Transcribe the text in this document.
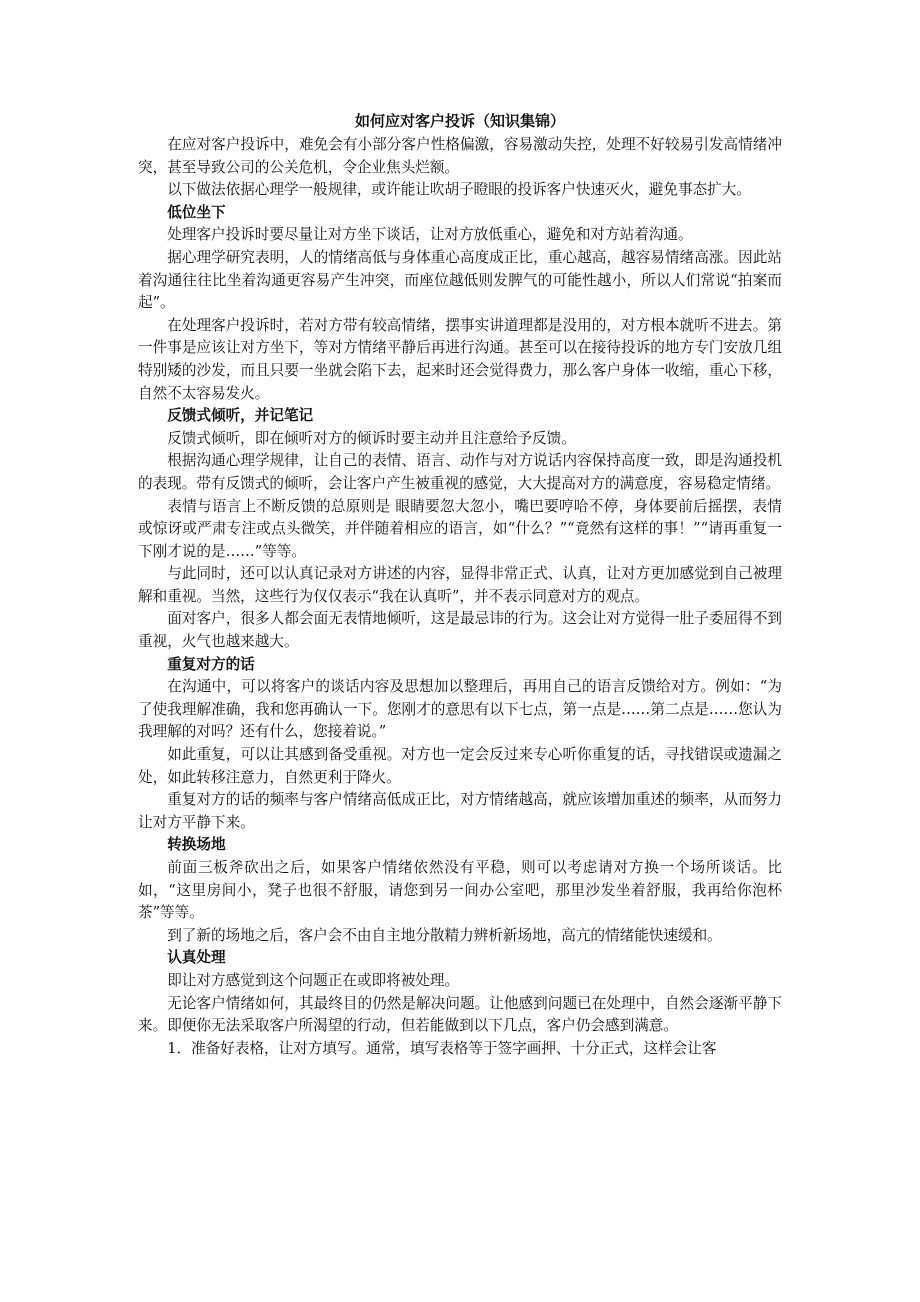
如何应对客户投诉（知识集锦）

在应对客户投诉中，难免会有小部分客户性格偏激，容易激动失控，处理不好较易引发高情绪冲突，甚至导致公司的公关危机，令企业焦头烂额。

以下做法依据心理学一般规律，或许能让吹胡子瞪眼的投诉客户快速灭火，避免事态扩大。

低位坐下

处理客户投诉时要尽量让对方坐下谈话，让对方放低重心，避免和对方站着沟通。

据心理学研究表明，人的情绪高低与身体重心高度成正比，重心越高，越容易情绪高涨。因此站着沟通往往比坐着沟通更容易产生冲突，而座位越低则发脾气的可能性越小，所以人们常说“拍案而起”。

在处理客户投诉时，若对方带有较高情绪，摆事实讲道理都是没用的，对方根本就听不进去。第一件事是应该让对方坐下，等对方情绪平静后再进行沟通。甚至可以在接待投诉的地方专门安放几组特别矮的沙发，而且只要一坐就会陷下去，起来时还会觉得费力，那么客户身体一收缩，重心下移，自然不太容易发火。

反馈式倾听，并记笔记

反馈式倾听，即在倾听对方的倾诉时要主动并且注意给予反馈。

根据沟通心理学规律，让自己的表情、语言、动作与对方说话内容保持高度一致，即是沟通投机的表现。带有反馈式的倾听，会让客户产生被重视的感觉，大大提高对方的满意度，容易稳定情绪。

表情与语言上不断反馈的总原则是 眼睛要忽大忽小，嘴巴要哼哈不停，身体要前后摇摆，表情或惊讶或严肃专注或点头微笑，并伴随着相应的语言，如“什么？”“竟然有这样的事！”“请再重复一下刚才说的是……”等等。

与此同时，还可以认真记录对方讲述的内容，显得非常正式、认真，让对方更加感觉到自己被理解和重视。当然，这些行为仅仅表示“我在认真听”，并不表示同意对方的观点。

面对客户，很多人都会面无表情地倾听，这是最忌讳的行为。这会让对方觉得一肚子委屈得不到重视，火气也越来越大。

重复对方的话

在沟通中，可以将客户的谈话内容及思想加以整理后，再用自己的语言反馈给对方。例如：“为了使我理解准确，我和您再确认一下。您刚才的意思有以下七点，第一点是……第二点是……您认为我理解的对吗？还有什么，您接着说。”

如此重复，可以让其感到备受重视。对方也一定会反过来专心听你重复的话，寻找错误或遗漏之处，如此转移注意力，自然更利于降火。

重复对方的话的频率与客户情绪高低成正比，对方情绪越高，就应该增加重述的频率，从而努力让对方平静下来。

转换场地

前面三板斧砍出之后，如果客户情绪依然没有平稳，则可以考虑请对方换一个场所谈话。比如，“这里房间小，凳子也很不舒服，请您到另一间办公室吧，那里沙发坐着舒服，我再给你泡杯茶”等等。

到了新的场地之后，客户会不由自主地分散精力辨析新场地，高亢的情绪能快速缓和。

认真处理

即让对方感觉到这个问题正在或即将被处理。

无论客户情绪如何，其最终目的仍然是解决问题。让他感到问题已在处理中，自然会逐渐平静下来。即便你无法采取客户所渴望的行动，但若能做到以下几点，客户仍会感到满意。

1．准备好表格，让对方填写。通常，填写表格等于签字画押、十分正式，这样会让客
